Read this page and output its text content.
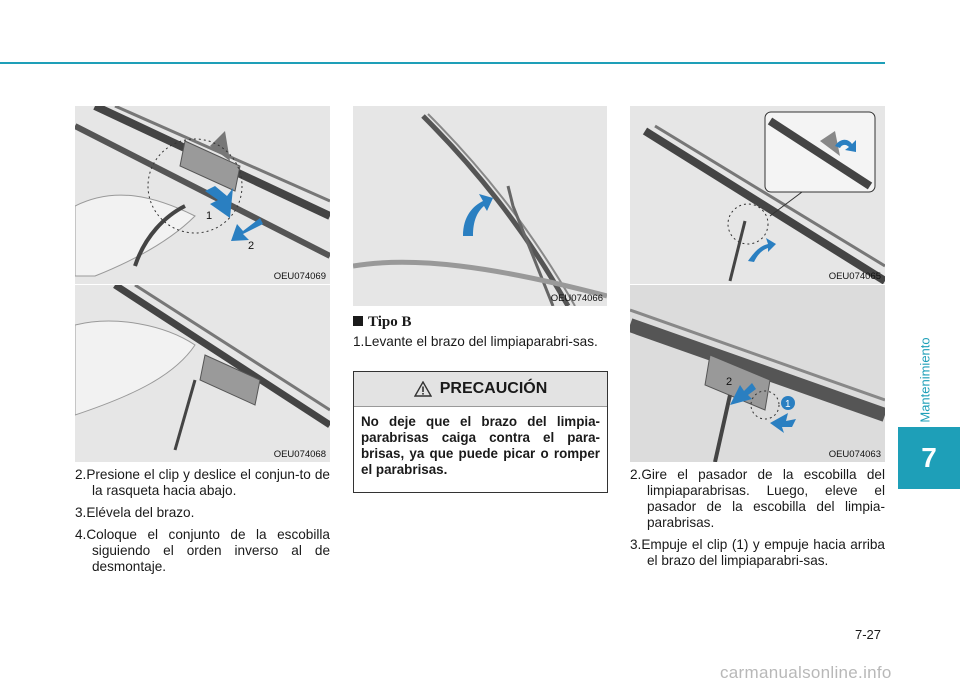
Mantenimiento
7
1
2
OEU074069
OEU074068
OEU074066
OEU074065
2
1
OEU074063
2.Presione el clip y deslice el conjun-to de la rasqueta hacia abajo.
3.Elévela del brazo.
4.Coloque el conjunto de la escobilla siguiendo el orden inverso al de desmontaje.
Tipo B
1.Levante el brazo del limpiaparabri-sas.
PRECAUCIÓN
No deje que el brazo del limpia-parabrisas caiga contra el para-brisas, ya que puede picar o romper el parabrisas.	2.Gire el pasador de la escobilla del limpiaparabrisas. Luego, eleve el pasador de la escobilla del limpia-parabrisas.
3.Empuje el clip (1) y empuje hacia arriba el brazo del limpiaparabri-sas.
7-27
carmanualsonline.info
